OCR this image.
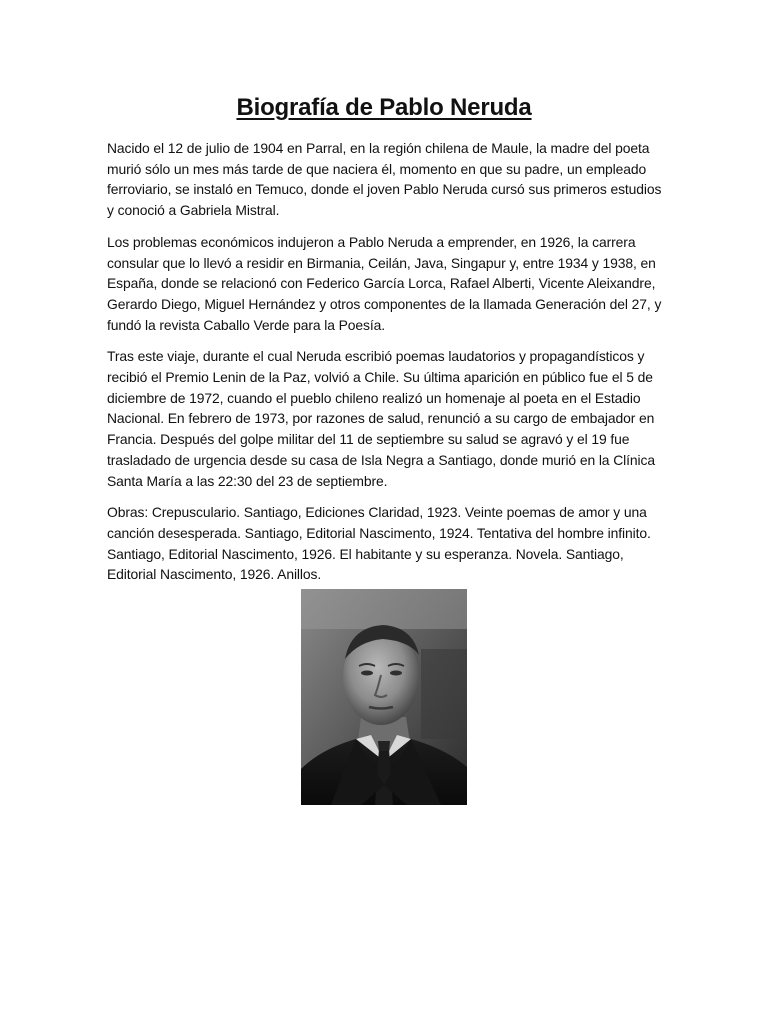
Biografía de Pablo Neruda

Nacido el 12 de julio de 1904 en Parral, en la región chilena de Maule, la madre del poeta murió sólo un mes más tarde de que naciera él, momento en que su padre, un empleado ferroviario, se instaló en Temuco, donde el joven Pablo Neruda cursó sus primeros estudios y conoció a Gabriela Mistral.

Los problemas económicos indujeron a Pablo Neruda a emprender, en 1926, la carrera consular que lo llevó a residir en Birmania, Ceilán, Java, Singapur y, entre 1934 y 1938, en España, donde se relacionó con Federico García Lorca, Rafael Alberti, Vicente Aleixandre, Gerardo Diego, Miguel Hernández y otros componentes de la llamada Generación del 27, y fundó la revista Caballo Verde para la Poesía.

Tras este viaje, durante el cual Neruda escribió poemas laudatorios y propagandísticos y recibió el Premio Lenin de la Paz, volvió a Chile. Su última aparición en público fue el 5 de diciembre de 1972, cuando el pueblo chileno realizó un homenaje al poeta en el Estadio Nacional. En febrero de 1973, por razones de salud, renunció a su cargo de embajador en Francia. Después del golpe militar del 11 de septiembre su salud se agravó y el 19 fue trasladado de urgencia desde su casa de Isla Negra a Santiago, donde murió en la Clínica Santa María a las 22:30 del 23 de septiembre.

Obras: Crepusculario. Santiago, Ediciones Claridad, 1923. Veinte poemas de amor y una canción desesperada. Santiago, Editorial Nascimento, 1924. Tentativa del hombre infinito. Santiago, Editorial Nascimento, 1926. El habitante y su esperanza. Novela. Santiago, Editorial Nascimento, 1926. Anillos.
